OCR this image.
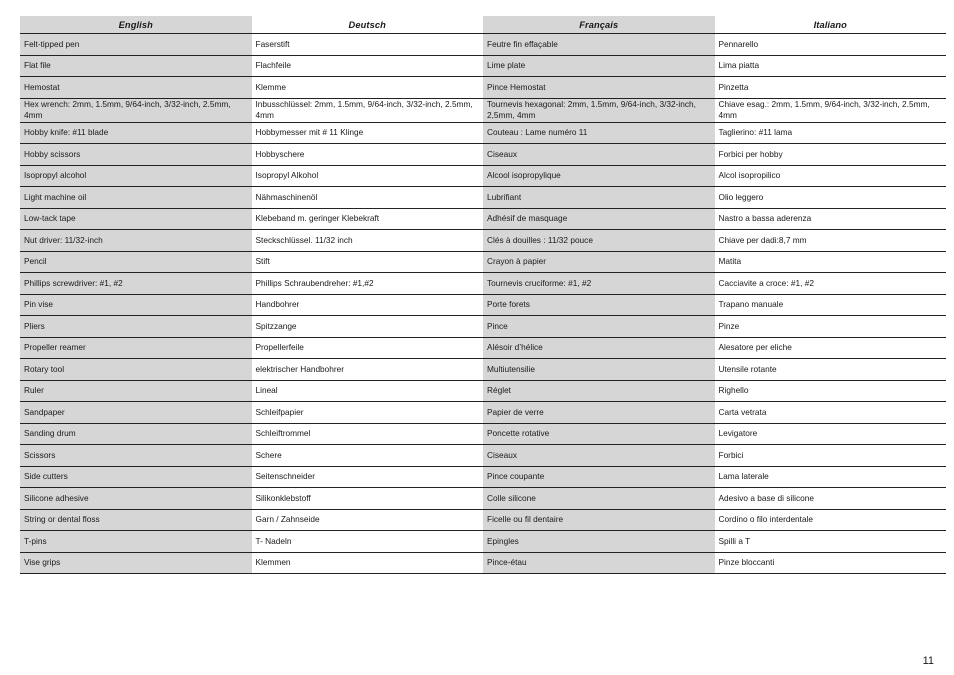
English	Deutsch	Français	Italiano
Felt-tipped pen	Faserstift	Feutre fin effaçable	Pennarello
Flat file	Flachfeile	Lime plate	Lima piatta
Hemostat	Klemme	Pince Hemostat	Pinzetta
Hex wrench: 2mm, 1.5mm, 9/64-inch, 3/32-inch, 2.5mm, 4mm	Inbusschlüssel: 2mm, 1.5mm, 9/64-inch, 3/32-inch, 2.5mm, 4mm	Tournevis hexagonal: 2mm, 1.5mm, 9/64-inch, 3/32-inch, 2,5mm, 4mm	Chiave esag.: 2mm, 1.5mm, 9/64-inch, 3/32-inch, 2.5mm, 4mm
Hobby knife: #11 blade	Hobbymesser mit # 11 Klinge	Couteau : Lame numéro 11	Taglierino: #11 lama
Hobby scissors	Hobbyschere	Ciseaux	Forbici per hobby
Isopropyl alcohol	Isopropyl Alkohol	Alcool isopropylique	Alcol isopropilico
Light machine oil	Nähmaschinenöl	Lubrifiant	Olio leggero
Low-tack tape	Klebeband m. geringer Klebekraft	Adhésif de masquage	Nastro a bassa aderenza
Nut driver: 11/32-inch	Steckschlüssel. 11/32 inch	Clés à douilles : 11/32 pouce	Chiave per dadi:8,7 mm
Pencil	Stift	Crayon à papier	Matita
Phillips screwdriver: #1, #2	Phillips Schraubendreher: #1,#2	Tournevis cruciforme: #1, #2	Cacciavite a croce: #1, #2
Pin vise	Handbohrer	Porte forets	Trapano manuale
Pliers	Spitzzange	Pince	Pinze
Propeller reamer	Propellerfeile	Alésoir d’hélice	Alesatore per eliche
Rotary tool	elektrischer Handbohrer	Multiutensilie	Utensile rotante
Ruler	Lineal	Réglet	Righello
Sandpaper	Schleifpapier	Papier de verre	Carta vetrata
Sanding drum	Schleiftrommel	Poncette rotative	Levigatore
Scissors	Schere	Ciseaux	Forbici
Side cutters	Seitenschneider	Pince coupante	Lama laterale
Silicone adhesive	Silikonklebstoff	Colle silicone	Adesivo a base di silicone
String or dental floss	Garn / Zahnseide	Ficelle ou fil dentaire	Cordino o filo interdentale
T-pins	T- Nadeln	Epingles	Spilli a T
Vise grips	Klemmen	Pince-étau	Pinze bloccanti
11
